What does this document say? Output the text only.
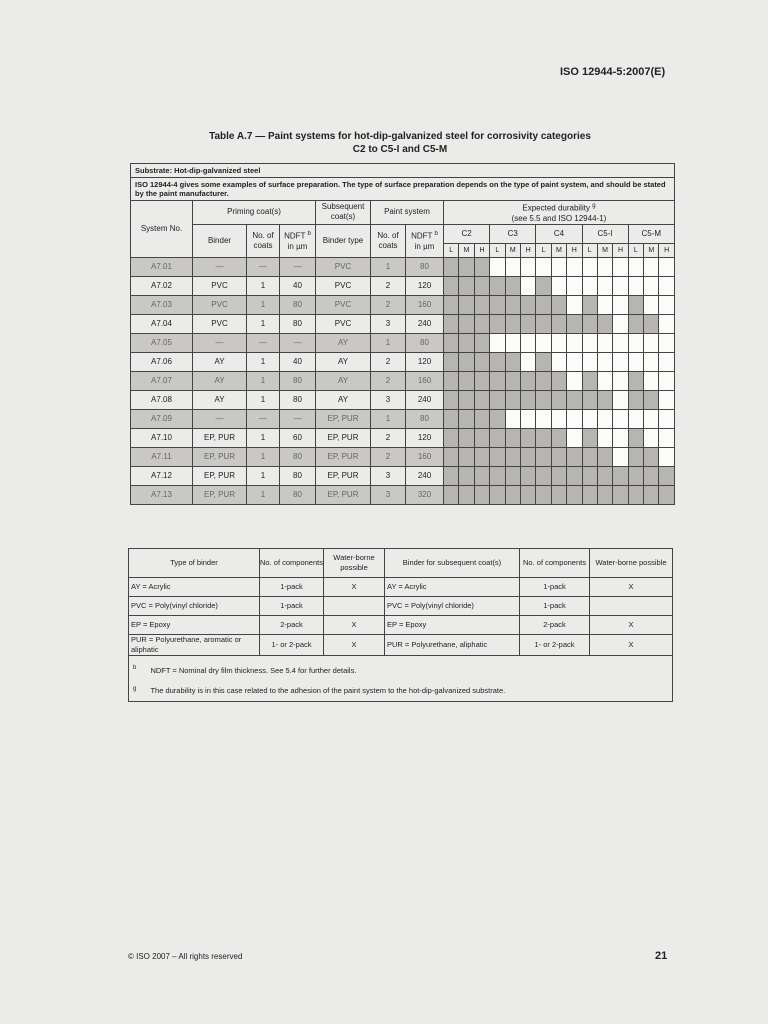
ISO 12944-5:2007(E)
Table A.7 — Paint systems for hot-dip-galvanized steel for corrosivity categories
C2 to C5-I and C5-M
Substrate: Hot-dip-galvanized steel																					
ISO 12944-4 gives some examples of surface preparation. The type of surface preparation depends on the type of paint system, and should be stated by the paint manufacturer.																					
System No.	Priming coat(s)			Subsequent coat(s)	Paint system		Expected durability $^g$
(see 5.5 and ISO 12944-1)														
	Binder	No. of coats	NDFT $^b$
in µm	Binder type	No. of coats	NDFT $^b$
in µm	C2			C3			C4			C5-I			C5-M		
							L	M	H	L	M	H	L	M	H	L	M	H	L	M	H
A7.01	—	—	—	PVC	1	80															
A7.02	PVC	1	40	PVC	2	120															
A7.03	PVC	1	80	PVC	2	160															
A7.04	PVC	1	80	PVC	3	240															
A7.05	—	—	—	AY	1	80															
A7.06	AY	1	40	AY	2	120															
A7.07	AY	1	80	AY	2	160															
A7.08	AY	1	80	AY	3	240															
A7.09	—	—	—	EP, PUR	1	80															
A7.10	EP, PUR	1	60	EP, PUR	2	120															
A7.11	EP, PUR	1	80	EP, PUR	2	160															
A7.12	EP, PUR	1	80	EP, PUR	3	240															
A7.13	EP, PUR	1	80	EP, PUR	3	320															
Type of binder	No. of components	Water-borne possible	Binder for subsequent coat(s)	No. of components	Water-borne possible
AY = Acrylic	1-pack	X	AY = Acrylic	1-pack	X
PVC = Poly(vinyl chloride)	1-pack		PVC = Poly(vinyl chloride)	1-pack	
EP = Epoxy	2-pack	X	EP = Epoxy	2-pack	X
PUR = Polyurethane, aromatic or aliphatic	1- or 2-pack	X	PUR = Polyurethane, aliphatic	1- or 2-pack	X

$^b$ NDFT = Nominal dry film thickness. See 5.4 for further details.
$^g$ The durability is in this case related to the adhesion of the paint system to the hot-dip-galvanized substrate.					
© ISO 2007 – All rights reserved	21
